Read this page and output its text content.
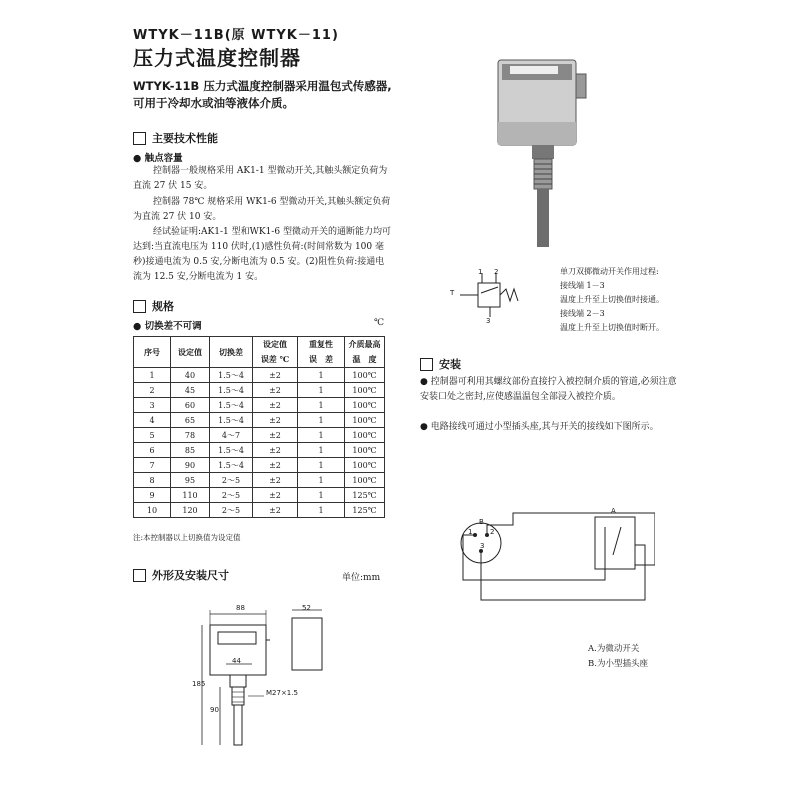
WTYK－11B(原 WTYK－11)
压力式温度控制器
WTYK-11B 压力式温度控制器采用温包式传感器,可用于冷却水或油等液体介质。
主要技术性能
● 触点容量
控制器一般规格采用 AK1-1 型微动开关,其触头额定负荷为直流 27 伏 15 安。
控制器 78℃ 规格采用 WK1-6 型微动开关,其触头额定负荷为直流 27 伏 10 安。
经试验证明:AK1-1 型和WK1-6 型微动开关的通断能力均可达到:当直流电压为 110 伏时,(1)感性负荷:(时间常数为 100 毫秒)接通电流为 0.5 安,分断电流为 0.5 安。(2)阻性负荷:接通电流为 12.5 安,分断电流为 1 安。
规格
● 切换差不可调	℃
序号	设定值	切换差	设定值	重复性	介质最高
			误差 ℃	误　差	温　度
1	40	1.5～4	±2	1	100℃
2	45	1.5～4	±2	1	100℃
3	60	1.5～4	±2	1	100℃
4	65	1.5～4	±2	1	100℃
5	78	4～7	±2	1	100℃
6	85	1.5～4	±2	1	100℃
7	90	1.5～4	±2	1	100℃
8	95	2～5	±2	1	100℃
9	110	2～5	±2	1	125℃
10	120	2～5	±2	1	125℃
注:本控制器以上切换值为设定值
外形及安装尺寸	单位:mm
88	52
44
185
90
M27×1.5
T
1 2
3
单刀双掷微动开关作用过程:
接线端 1－3
温度上升至上切换值时接通。
接线端 2－3
温度上升至上切换值时断开。
安装
● 控制器可利用其螺纹部份直接拧入被控制介质的管道,必须注意安装口处之密封,应使感温温包全部浸入被控介质。
● 电路接线可通过小型插头座,其与开关的接线如下图所示。
A
B
1	2
3
A.为微动开关
B.为小型插头座
